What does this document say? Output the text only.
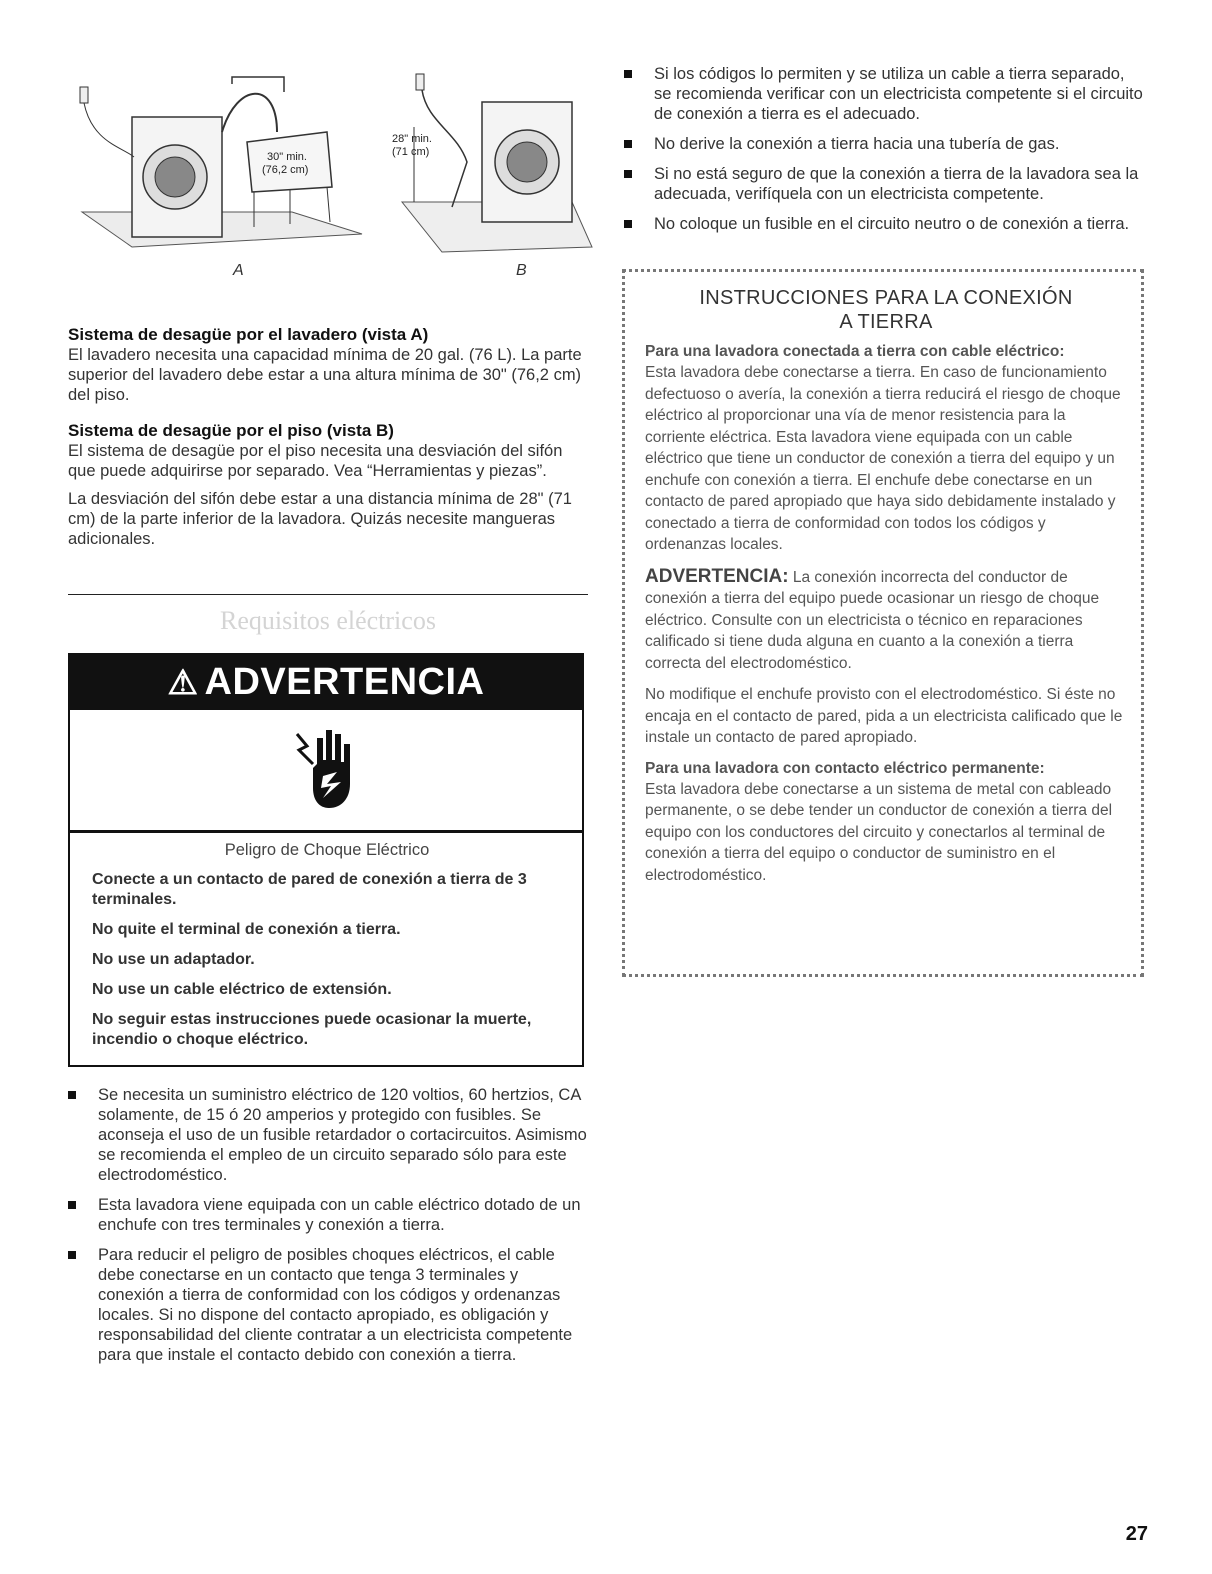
30" min.
(76,2 cm)
28" min.
(71 cm)
A	B

Sistema de desagüe por el lavadero (vista A)

El lavadero necesita una capacidad mínima de 20 gal. (76 L). La parte superior del lavadero debe estar a una altura mínima de 30" (76,2 cm) del piso.

Sistema de desagüe por el piso (vista B)

El sistema de desagüe por el piso necesita una desviación del sifón que puede adquirirse por separado. Vea “Herramientas y piezas”.

La desviación del sifón debe estar a una distancia mínima de 28" (71 cm) de la parte inferior de la lavadora. Quizás necesite mangueras adicionales.

Requisitos eléctricos
⚠ ADVERTENCIA

Peligro de Choque Eléctrico

Conecte a un contacto de pared de conexión a tierra de 3 terminales.

No quite el terminal de conexión a tierra.

No use un adaptador.

No use un cable eléctrico de extensión.

No seguir estas instrucciones puede ocasionar la muerte, incendio o choque eléctrico.

Se necesita un suministro eléctrico de 120 voltios, 60 hertzios, CA solamente, de 15 ó 20 amperios y protegido con fusibles. Se aconseja el uso de un fusible retardador o cortacircuitos. Asimismo se recomienda el empleo de un circuito separado sólo para este electrodoméstico.
Esta lavadora viene equipada con un cable eléctrico dotado de un enchufe con tres terminales y conexión a tierra.
Para reducir el peligro de posibles choques eléctricos, el cable debe conectarse en un contacto que tenga 3 terminales y conexión a tierra de conformidad con los códigos y ordenanzas locales. Si no dispone del contacto apropiado, es obligación y responsabilidad del cliente contratar a un electricista competente para que instale el contacto debido con conexión a tierra.
Si los códigos lo permiten y se utiliza un cable a tierra separado, se recomienda verificar con un electricista competente si el circuito de conexión a tierra es el adecuado.
No derive la conexión a tierra hacia una tubería de gas.
Si no está seguro de que la conexión a tierra de la lavadora sea la adecuada, verifíquela con un electricista competente.
No coloque un fusible en el circuito neutro o de conexión a tierra.

INSTRUCCIONES PARA LA CONEXIÓN
A TIERRA

Para una lavadora conectada a tierra con cable eléctrico:

Esta lavadora debe conectarse a tierra. En caso de funcionamiento defectuoso o avería, la conexión a tierra reducirá el riesgo de choque eléctrico al proporcionar una vía de menor resistencia para la corriente eléctrica. Esta lavadora viene equipada con un cable eléctrico que tiene un conductor de conexión a tierra del equipo y un enchufe con conexión a tierra. El enchufe debe conectarse en un contacto de pared apropiado que haya sido debidamente instalado y conectado a tierra de conformidad con todos los códigos y ordenanzas locales.

ADVERTENCIA: La conexión incorrecta del conductor de conexión a tierra del equipo puede ocasionar un riesgo de choque eléctrico. Consulte con un electricista o técnico en reparaciones calificado si tiene duda alguna en cuanto a la conexión a tierra correcta del electrodoméstico.

No modifique el enchufe provisto con el electrodoméstico. Si éste no encaja en el contacto de pared, pida a un electricista calificado que le instale un contacto de pared apropiado.

Para una lavadora con contacto eléctrico permanente:

Esta lavadora debe conectarse a un sistema de metal con cableado permanente, o se debe tender un conductor de conexión a tierra del equipo con los conductores del circuito y conectarlos al terminal de conexión a tierra del equipo o conductor de suministro en el electrodoméstico.

27
